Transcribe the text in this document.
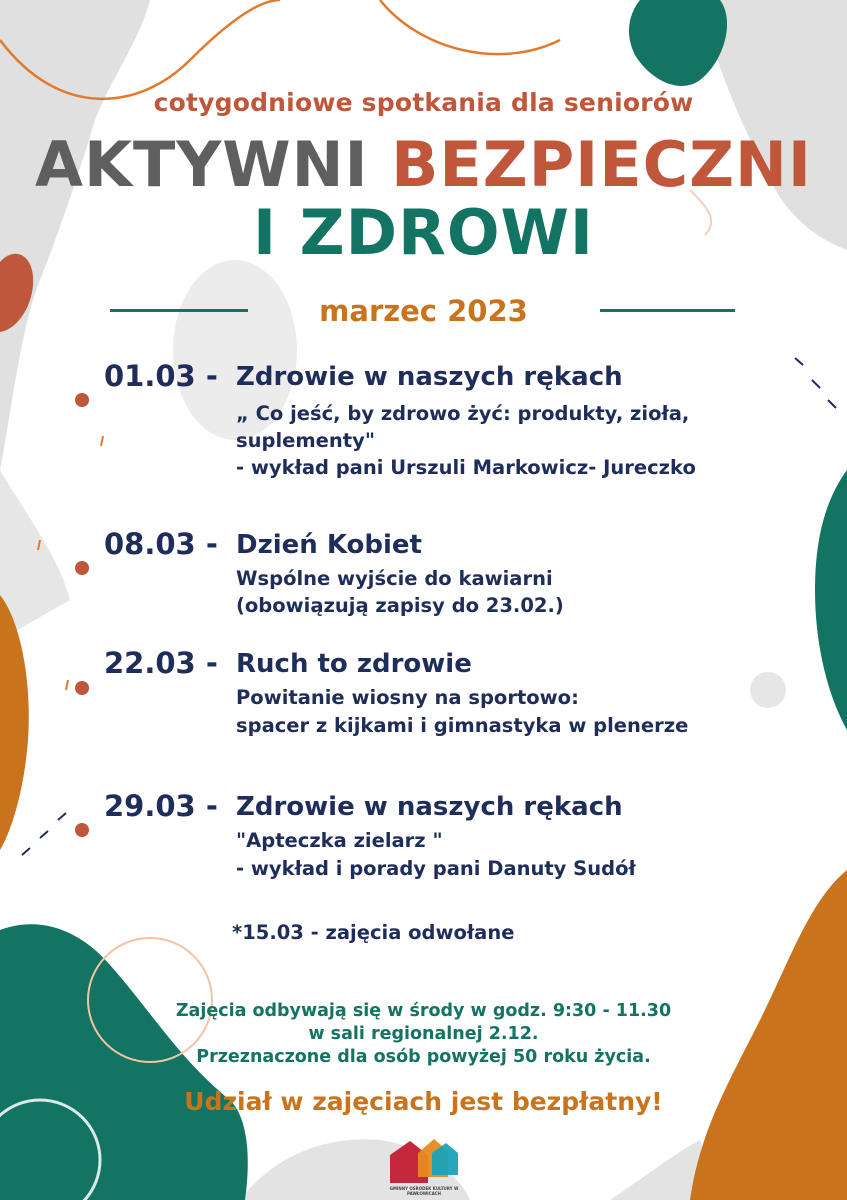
cotygodniowe spotkania dla seniorów
AKTYWNI BEZPIECZNI
I ZDROWI
marzec 2023
01.03 - Zdrowie w naszych rękach
„ Co jeść, by zdrowo żyć: produkty, zioła,
suplementy"
- wykład pani Urszuli Markowicz- Jureczko
08.03 - Dzień Kobiet
Wspólne wyjście do kawiarni
(obowiązują zapisy do 23.02.)
22.03 - Ruch to zdrowie
Powitanie wiosny na sportowo:
spacer z kijkami i gimnastyka w plenerze
29.03 - Zdrowie w naszych rękach
"Apteczka zielarz "
- wykład i porady pani Danuty Sudół
*15.03 - zajęcia odwołane
Zajęcia odbywają się w środy w godz. 9:30 - 11.30
w sali regionalnej 2.12.
Przeznaczone dla osób powyżej 50 roku życia.
Udział w zajęciach jest bezpłatny!
GMINNY OŚRODEK KULTURY W PAWŁOWICACH
